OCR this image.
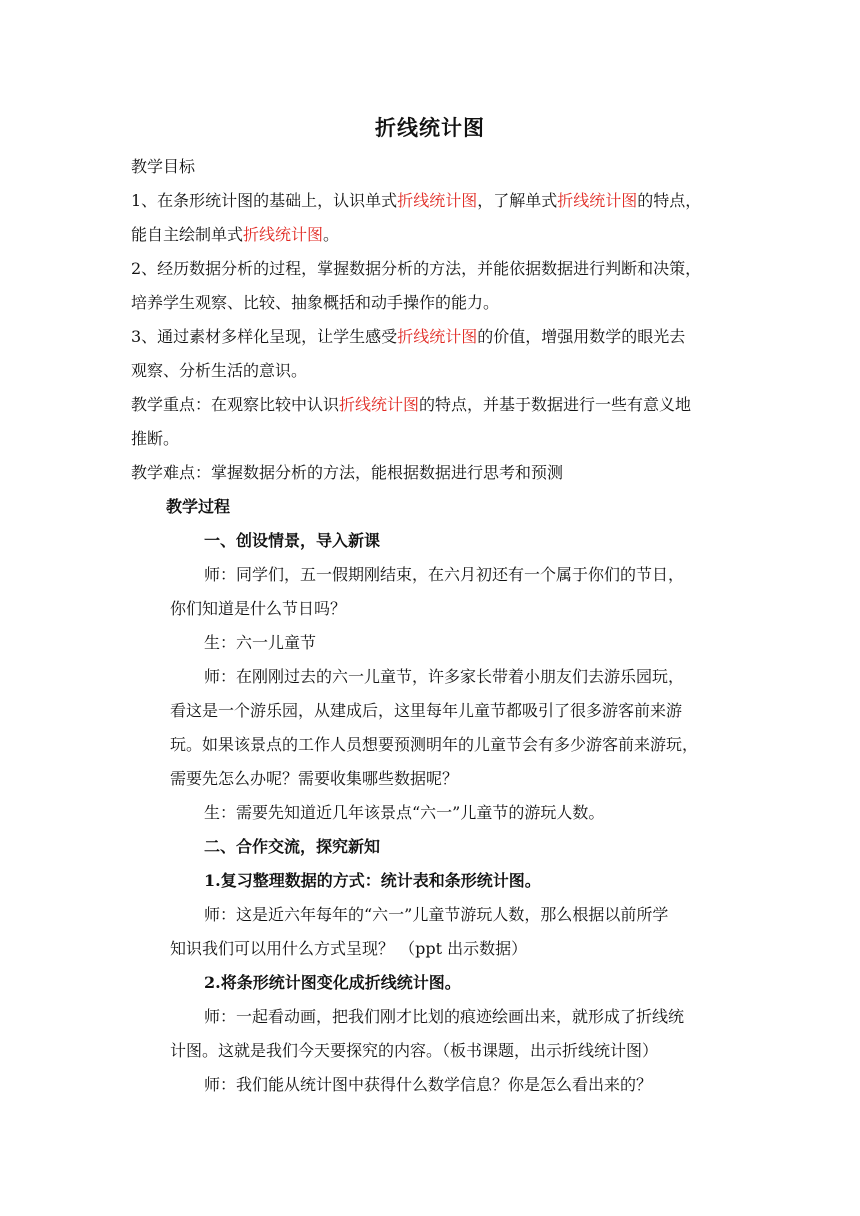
折线统计图
教学目标
1、在条形统计图的基础上，认识单式折线统计图，了解单式折线统计图的特点，
能自主绘制单式折线统计图。
2、经历数据分析的过程，掌握数据分析的方法，并能依据数据进行判断和决策，
培养学生观察、比较、抽象概括和动手操作的能力。
3、通过素材多样化呈现，让学生感受折线统计图的价值，增强用数学的眼光去
观察、分析生活的意识。
教学重点：在观察比较中认识折线统计图的特点，并基于数据进行一些有意义地
推断。
教学难点：掌握数据分析的方法，能根据数据进行思考和预测
教学过程
一、创设情景，导入新课
师：同学们，五一假期刚结束，在六月初还有一个属于你们的节日，
你们知道是什么节日吗？
生：六一儿童节
师：在刚刚过去的六一儿童节，许多家长带着小朋友们去游乐园玩，
看这是一个游乐园，从建成后，这里每年儿童节都吸引了很多游客前来游
玩。如果该景点的工作人员想要预测明年的儿童节会有多少游客前来游玩，
需要先怎么办呢？需要收集哪些数据呢？
生：需要先知道近几年该景点“六一”儿童节的游玩人数。
二、合作交流，探究新知
1.复习整理数据的方式：统计表和条形统计图。
师：这是近六年每年的“六一”儿童节游玩人数，那么根据以前所学
知识我们可以用什么方式呈现？ （ppt 出示数据）
2.将条形统计图变化成折线统计图。
师：一起看动画，把我们刚才比划的痕迹绘画出来，就形成了折线统
计图。这就是我们今天要探究的内容。（板书课题，出示折线统计图）
师：我们能从统计图中获得什么数学信息？你是怎么看出来的？
